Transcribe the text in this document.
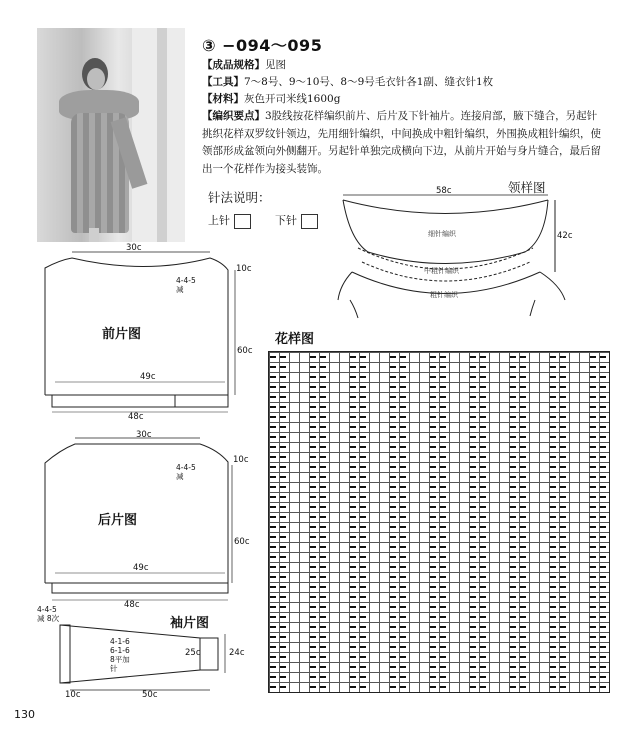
③ −094～095
【成品规格】见图
【工具】7～8号、9～10号、8～9号毛衣针各1副、缝衣针1枚
【材料】灰色开司米线1600g
【编织要点】3股线按花样编织前片、后片及下针袖片。连接肩部，腋下缝合，另起针挑织花样双罗纹针领边，先用细针编织，中间换成中粗针编织，外围换成粗针编织，使领部形成盆领向外侧翻开。另起针单独完成横向下边，从前片开始与身片缝合，最后留出一个花样作为接头装饰。
针法说明：
上针	下针
领样图
58c
42c
细针编织
中粗针编织
粗针编织
30c
10c
4-4-5
减
前片图
60c
49c
48c
30c
10c
4-4-5
减
后片图
60c
49c
48c
4-4-5
减 8次	袖片图
4-1-6
6-1-6
8平加
针
25c	24c
10c	50c
花样图
130
